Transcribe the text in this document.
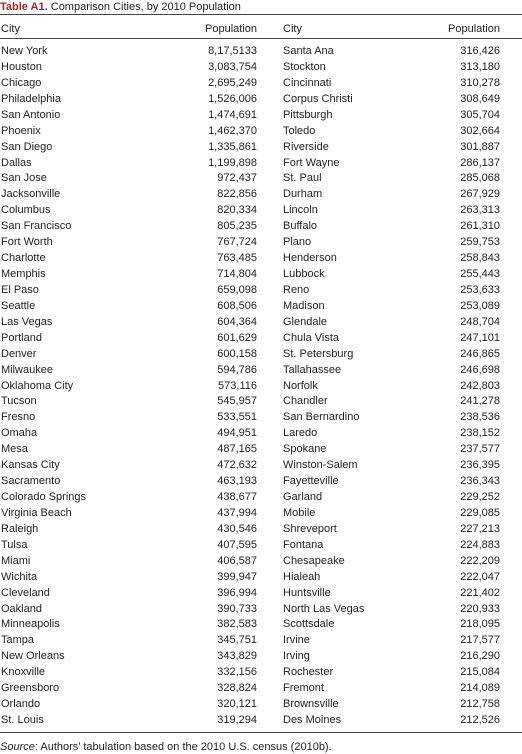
Table A1. Comparison Cities, by 2010 Population
City	Population City	Population
New York	8,17,5133 Santa Ana	316,426
Houston	3,083,754 Stockton	313,180
Chicago	2,695,249 Cincinnati	310,278
Philadelphia	1,526,006 Corpus Christi	308,649
San Antonio	1,474,691 Pittsburgh	305,704
Phoenix	1,462,370 Toledo	302,664
San Diego	1,335,861 Riverside	301,887
Dallas	1,199,898 Fort Wayne	286,137
San Jose	972,437 St. Paul	285,068
Jacksonville	822,856 Durham	267,929
Columbus	820,334 Lincoln	263,313
San Francisco	805,235 Buffalo	261,310
Fort Worth	767,724 Plano	259,753
Charlotte	763,485 Henderson	258,843
Memphis	714,804 Lubbock	255,443
El Paso	659,098 Reno	253,633
Seattle	608,506 Madison	253,089
Las Vegas	604,364 Glendale	248,704
Portland	601,629 Chula Vista	247,101
Denver	600,158 St. Petersburg	246,865
Milwaukee	594,786 Tallahassee	246,698
Oklahoma City	573,116 Norfolk	242,803
Tucson	545,957 Chandler	241,278
Fresno	533,551 San Bernardino	238,536
Omaha	494,951 Laredo	238,152
Mesa	487,165 Spokane	237,577
Kansas City	472,632 Winston-Salem	236,395
Sacramento	463,193 Fayetteville	236,343
Colorado Springs	438,677 Garland	229,252
Virginia Beach	437,994 Mobile	229,085
Raleigh	430,546 Shreveport	227,213
Tulsa	407,595 Fontana	224,883
Miami	406,587 Chesapeake	222,209
Wichita	399,947 Hialeah	222,047
Cleveland	396,994 Huntsville	221,402
Oakland	390,733 North Las Vegas	220,933
Minneapolis	382,583 Scottsdale	218,095
Tampa	345,751 Irvine	217,577
New Orleans	343,829 Irving	216,290
Knoxville	332,156 Rochester	215,084
Greensboro	328,824 Fremont	214,089
Orlando	320,121 Brownsville	212,758
St. Louis	319,294 Des Moines	212,526
Source: Authors’ tabulation based on the 2010 U.S. census (2010b).
